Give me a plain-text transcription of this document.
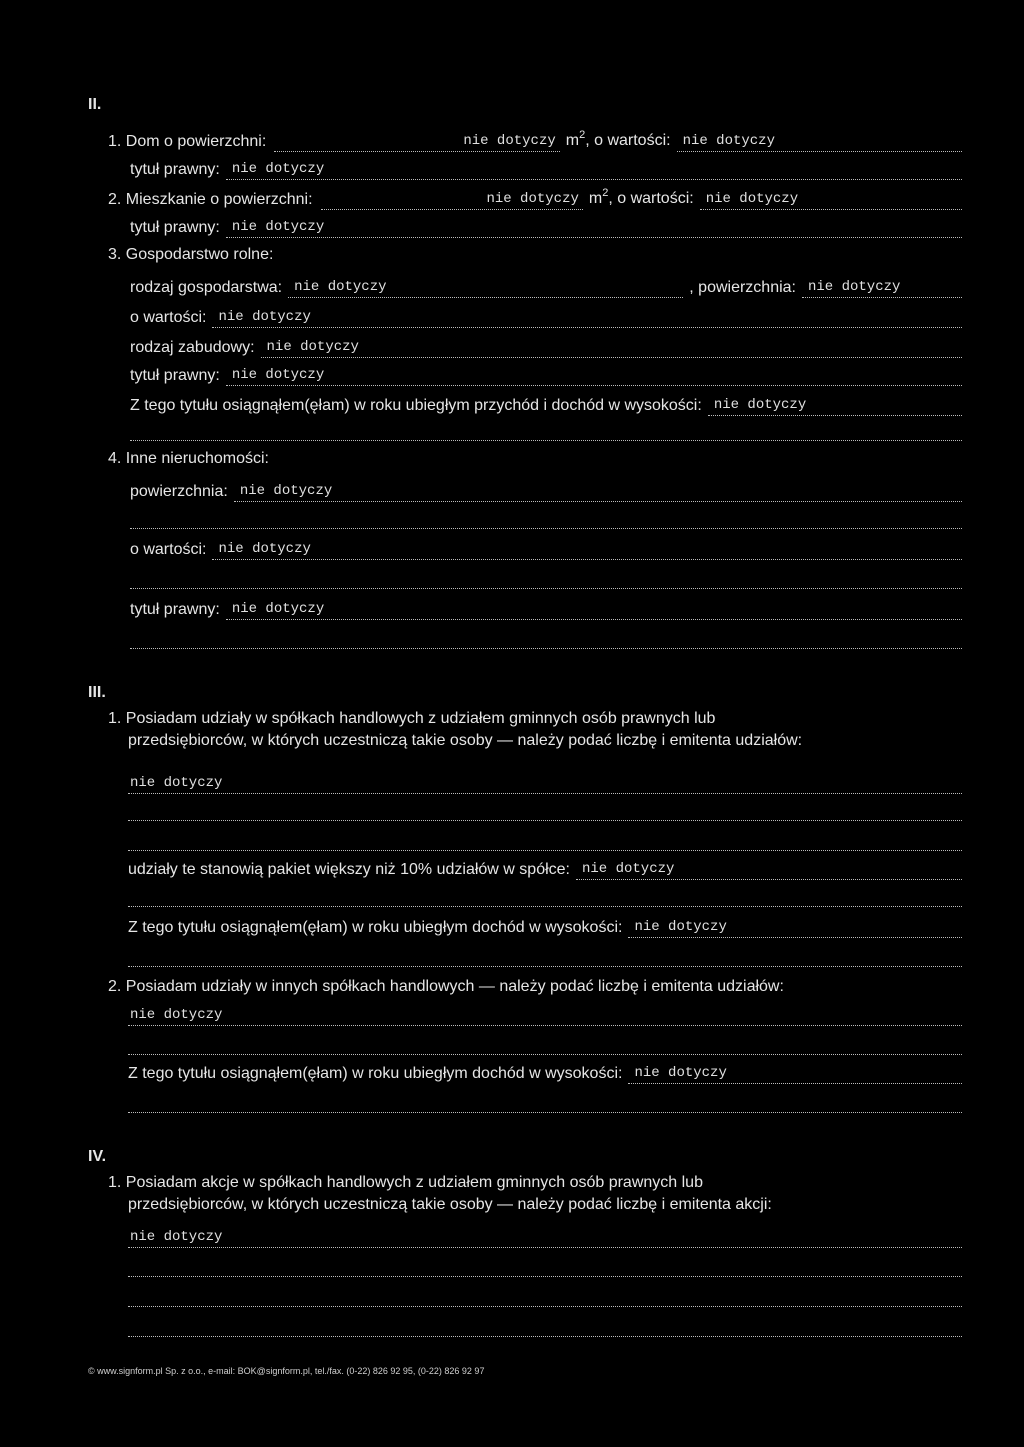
II.
1. Dom o powierzchni:	nie dotyczy $m^2$, o wartości: nie dotyczy
tytuł prawny: nie dotyczy
2. Mieszkanie o powierzchni:	nie dotyczy $m^2$, o wartości: nie dotyczy
tytuł prawny: nie dotyczy
3. Gospodarstwo rolne:
rodzaj gospodarstwa: nie dotyczy	, powierzchnia: nie dotyczy
o wartości: nie dotyczy
rodzaj zabudowy: nie dotyczy
tytuł prawny: nie dotyczy
Z tego tytułu osiągnąłem(ęłam) w roku ubiegłym przychód i dochód w wysokości: nie dotyczy
4. Inne nieruchomości:
powierzchnia: nie dotyczy
o wartości: nie dotyczy
tytuł prawny: nie dotyczy
III.
1. Posiadam udziały w spółkach handlowych z udziałem gminnych osób prawnych lub
przedsiębiorców, w których uczestniczą takie osoby — należy podać liczbę i emitenta udziałów:
nie dotyczy
udziały te stanowią pakiet większy niż 10% udziałów w spółce: nie dotyczy
Z tego tytułu osiągnąłem(ęłam) w roku ubiegłym dochód w wysokości: nie dotyczy
2. Posiadam udziały w innych spółkach handlowych — należy podać liczbę i emitenta udziałów:
nie dotyczy
Z tego tytułu osiągnąłem(ęłam) w roku ubiegłym dochód w wysokości: nie dotyczy
IV.
1. Posiadam akcje w spółkach handlowych z udziałem gminnych osób prawnych lub
przedsiębiorców, w których uczestniczą takie osoby — należy podać liczbę i emitenta akcji:
nie dotyczy
© www.signform.pl Sp. z o.o., e-mail: BOK@signform.pl, tel./fax. (0-22) 826 92 95, (0-22) 826 92 97
